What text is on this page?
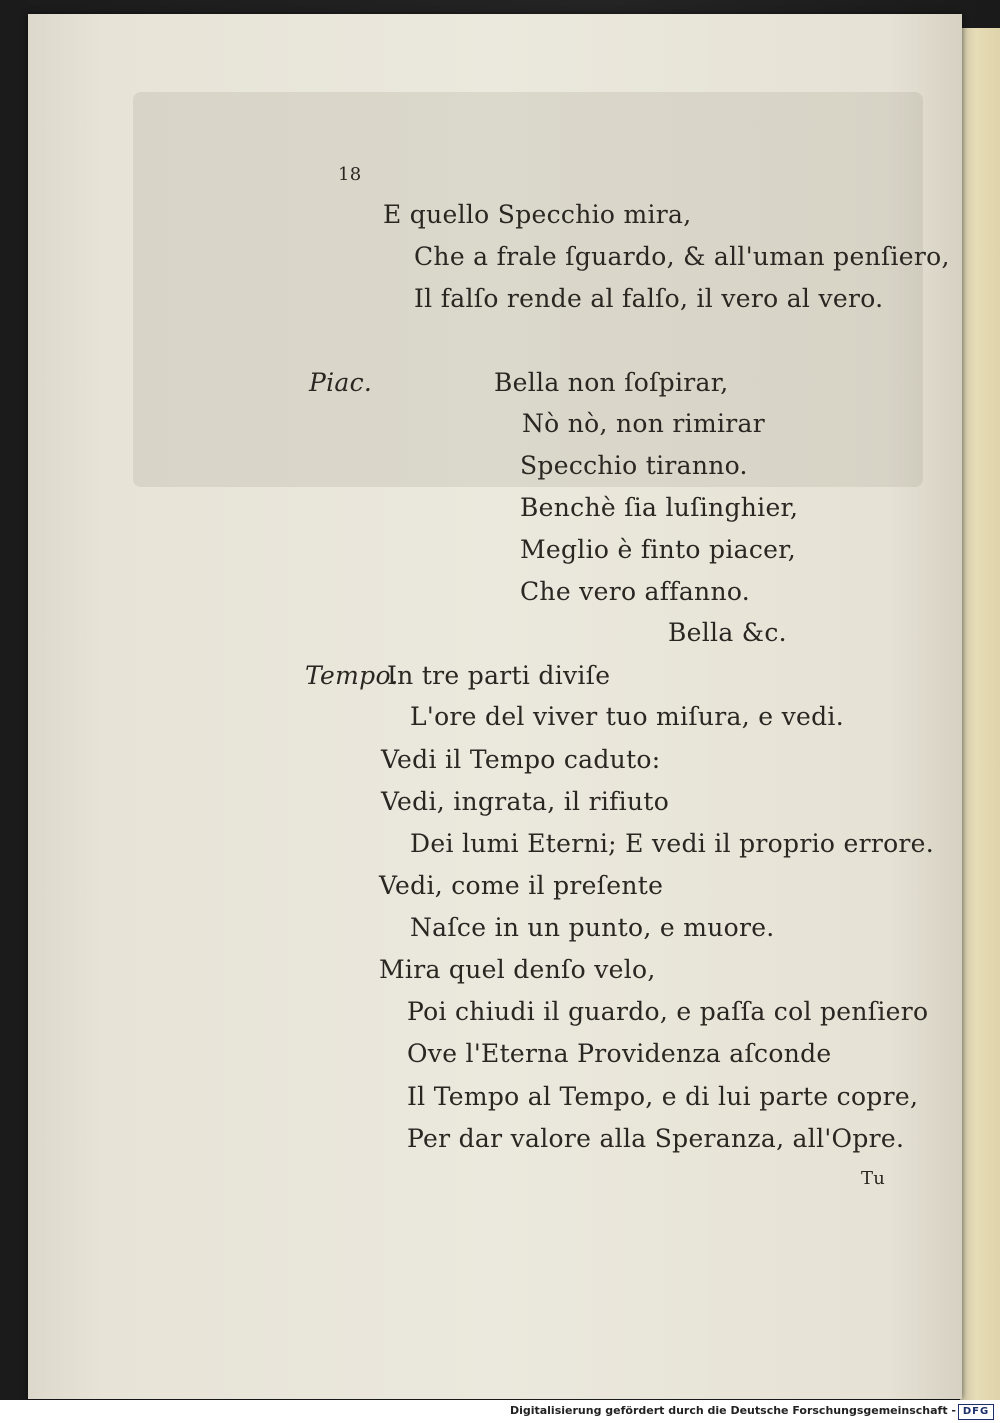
18
E quello Specchio mira,
Che a frale ſguardo, & all'uman penſiero,
Il falſo rende al falſo, il vero al vero.
Piac.	Bella non ſoſpirar,
Nò nò, non rimirar
Specchio tiranno.
Benchè ſia luſinghier,
Meglio è finto piacer,
Che vero affanno.
Bella &c.
Tempo.
In tre parti diviſe
L'ore del viver tuo miſura, e vedi.
Vedi il Tempo caduto:
Vedi, ingrata, il rifiuto
Dei lumi Eterni; E vedi il proprio errore.
Vedi, come il preſente
Naſce in un punto, e muore.
Mira quel denſo velo,
Poi chiudi il guardo, e paſſa col penſiero
Ove l'Eterna Providenza aſconde
Il Tempo al Tempo, e di lui parte copre,
Per dar valore alla Speranza, all'Opre.
Tu
Digitalisierung gefördert durch die Deutsche Forschungsgemeinschaft - DFG
